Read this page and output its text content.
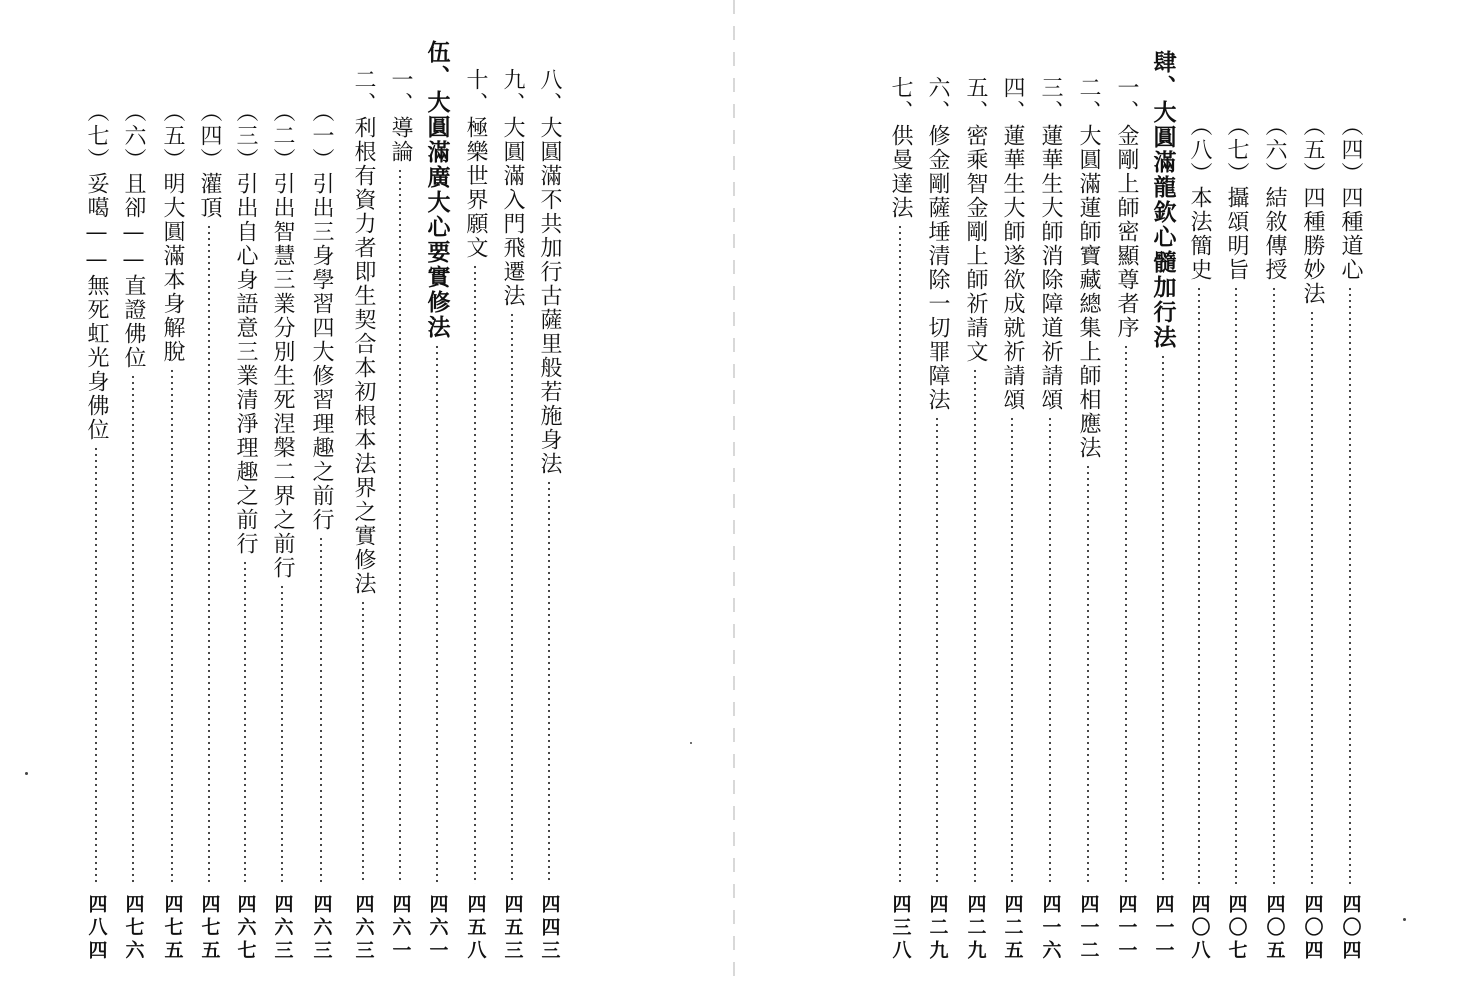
八、大圓滿不共加行古薩里般若施身法
四四三
九、大圓滿入門飛遷法
四五三
十、極樂世界願文
四五八
伍、大圓滿廣大心要實修法
四六一
一、導論
四六一
二、利根有資力者即生契合本初根本法界之實修法
四六三
（一）引出三身學習四大修習理趣之前行
四六三
（二）引出智慧三業分別生死涅槃二界之前行
四六三
（三）引出自心身語意三業清淨理趣之前行
四六七
（四）灌頂
四七五
（五）明大圓滿本身解脫
四七五
（六）且卻——直證佛位
四七六
（七）妥噶——無死虹光身佛位
四八四
（四）四種道心
四〇四
（五）四種勝妙法
四〇四
（六）結敘傳授
四〇五
（七）攝頌明旨
四〇七
（八）本法簡史
四〇八
肆、大圓滿龍欽心髓加行法
四一一
一、金剛上師密顯尊者序
四一一
二、大圓滿蓮師寶藏總集上師相應法
四一二
三、蓮華生大師消除障道祈請頌
四一六
四、蓮華生大師遂欲成就祈請頌
四二五
五、密乘智金剛上師祈請文
四二九
六、修金剛薩埵清除一切罪障法
四二九
七、供曼達法
四三八
